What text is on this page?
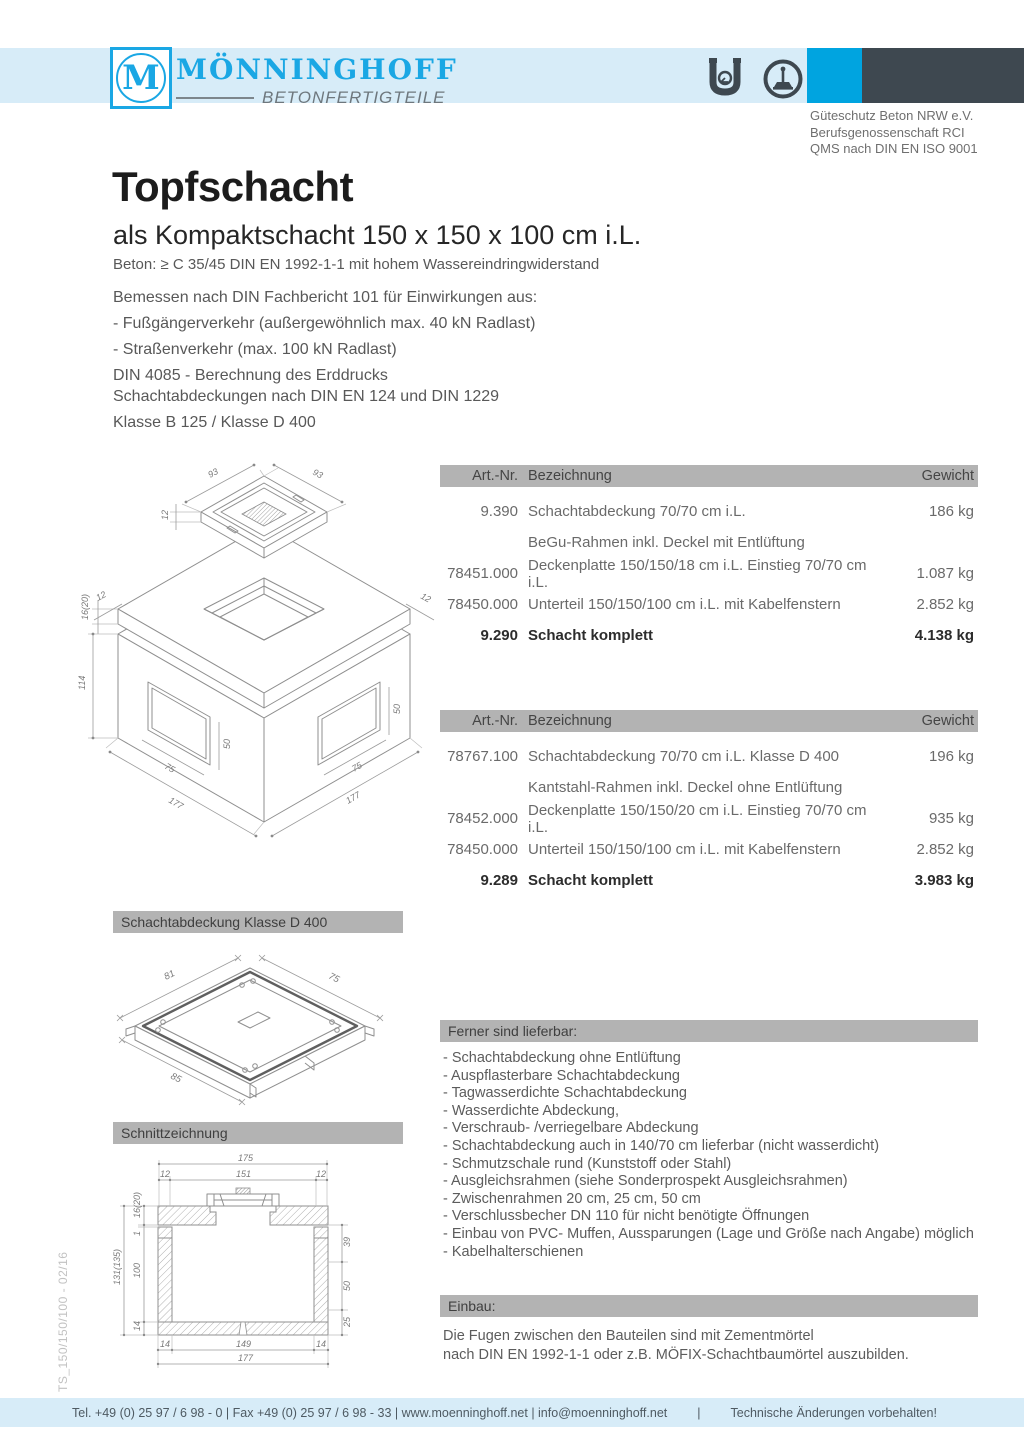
M MÖNNINGHOFF
BETONFERTIGTEILE
Güteschutz Beton NRW e.V.
Berufsgenossenschaft RCI
QMS nach DIN EN ISO 9001
Topfschacht
als Kompaktschacht 150 x 150 x 100 cm i.L.
Beton: ≥ C 35/45 DIN EN 1992-1-1 mit hohem Wassereindringwiderstand
Bemessen nach DIN Fachbericht 101 für Einwirkungen aus:
- Fußgängerverkehr (außergewöhnlich max. 40 kN Radlast)
- Straßenverkehr (max. 100 kN Radlast)
DIN 4085 - Berechnung des Erddrucks
Schachtabdeckungen nach DIN EN 124 und DIN 1229
Klasse B 125 / Klasse D 400
Art.-Nr. Bezeichnung	Gewicht
9.390 Schachtabdeckung 70/70 cm i.L.	186 kg
BeGu-Rahmen inkl. Deckel mit Entlüftung
78451.000 Deckenplatte 150/150/18 cm i.L. Einstieg 70/70 cm i.L.	1.087 kg
78450.000 Unterteil 150/150/100 cm i.L. mit Kabelfenstern	2.852 kg
9.290 Schacht komplett	4.138 kg
Art.-Nr. Bezeichnung	Gewicht
78767.100 Schachtabdeckung 70/70 cm i.L. Klasse D 400	196 kg
Kantstahl-Rahmen inkl. Deckel ohne Entlüftung
78452.000 Deckenplatte 150/150/20 cm i.L. Einstieg 70/70 cm i.L.	935 kg
78450.000 Unterteil 150/150/100 cm i.L. mit Kabelfenstern	2.852 kg
9.289 Schacht komplett	3.983 kg
93	93
12
16(20) 12	12
114
75
50
75
50
177	177
Schachtabdeckung Klasse D 400
81	75
85
Schnittzeichnung
175
12	151	12
16(20)
1
100
14
131(135)
39
50
25
14	149	14
177
Ferner sind lieferbar:
- Schachtabdeckung ohne Entlüftung
- Auspflasterbare Schachtabdeckung
- Tagwasserdichte Schachtabdeckung
- Wasserdichte Abdeckung,
- Verschraub- /verriegelbare Abdeckung
- Schachtabdeckung auch in 140/70 cm lieferbar (nicht wasserdicht)
- Schmutzschale rund (Kunststoff oder Stahl)
- Ausgleichsrahmen (siehe Sonderprospekt Ausgleichsrahmen)
- Zwischenrahmen 20 cm, 25 cm, 50 cm
- Verschlussbecher DN 110 für nicht benötigte Öffnungen
- Einbau von PVC- Muffen, Aussparungen (Lage und Größe nach Angabe) möglich
- Kabelhalterschienen
Einbau:
Die Fugen zwischen den Bauteilen sind mit Zementmörtel
nach DIN EN 1992-1-1 oder z.B. MÖFIX-Schachtbaumörtel auszubilden.
TS_150/150/100 - 02/16
Tel. +49 (0) 25 97 / 6 98 - 0 | Fax +49 (0) 25 97 / 6 98 - 33 | www.moenninghoff.net | info@moenninghoff.net | Technische Änderungen vorbehalten!
